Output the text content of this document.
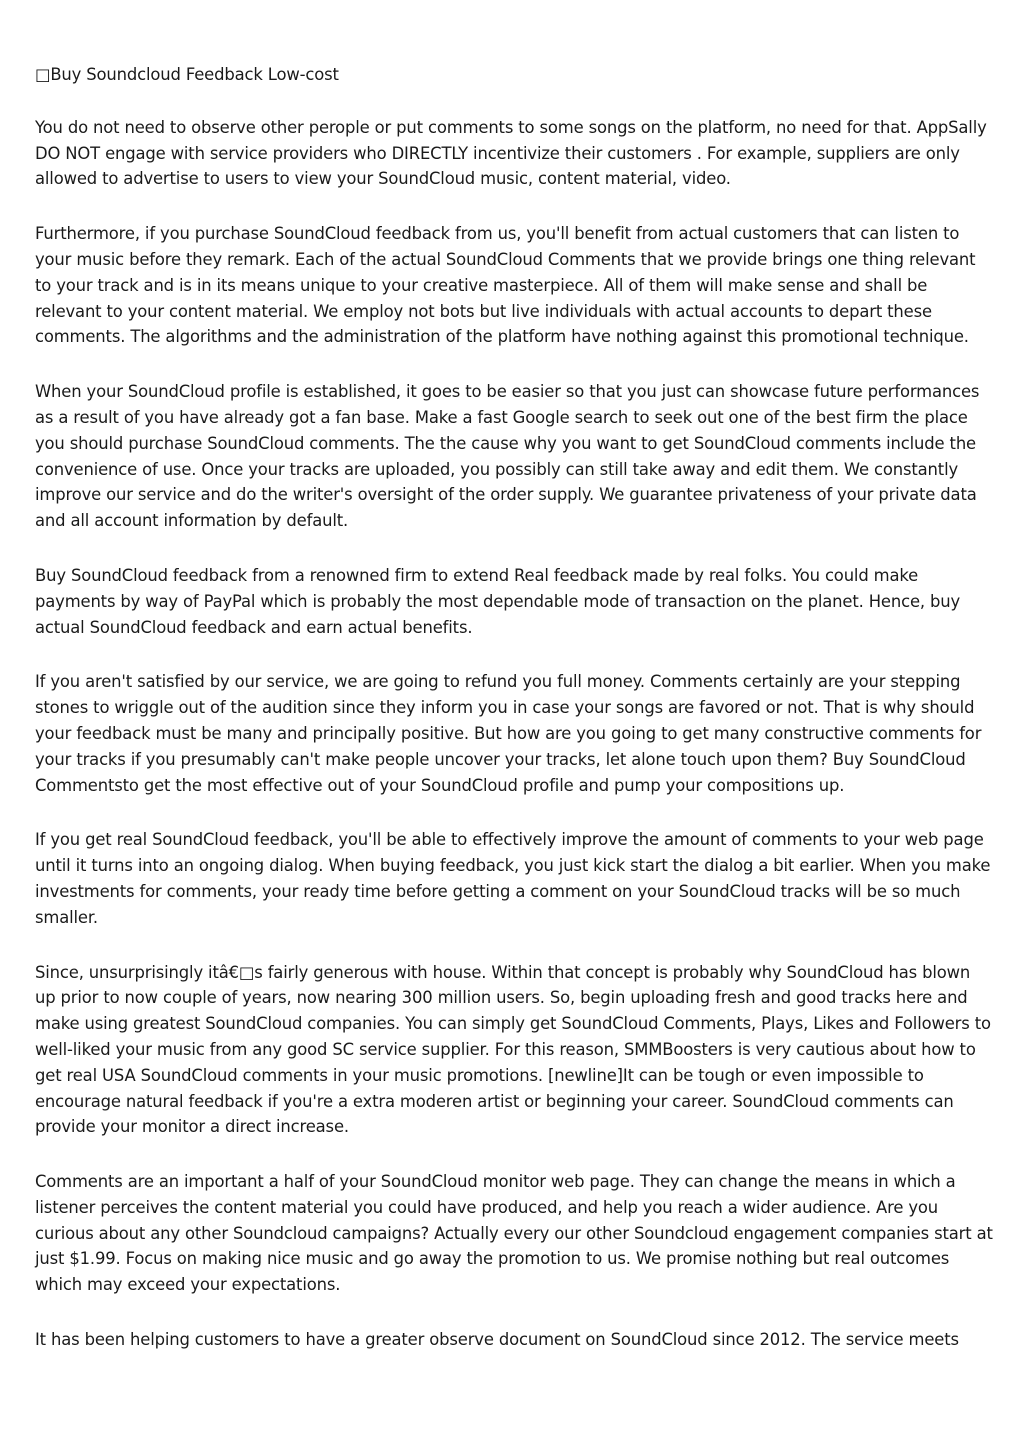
□Buy Soundcloud Feedback Low-cost

You do not need to observe other perople or put comments to some songs on the platform, no need for that. AppSally DO NOT engage with service providers who DIRECTLY incentivize their customers . For example, suppliers are only allowed to advertise to users to view your SoundCloud music, content material, video.

Furthermore, if you purchase SoundCloud feedback from us, you'll benefit from actual customers that can listen to your music before they remark. Each of the actual SoundCloud Comments that we provide brings one thing relevant to your track and is in its means unique to your creative masterpiece. All of them will make sense and shall be relevant to your content material. We employ not bots but live individuals with actual accounts to depart these comments. The algorithms and the administration of the platform have nothing against this promotional technique.

When your SoundCloud profile is established, it goes to be easier so that you just can showcase future performances as a result of you have already got a fan base. Make a fast Google search to seek out one of the best firm the place you should purchase SoundCloud comments. The the cause why you want to get SoundCloud comments include the convenience of use. Once your tracks are uploaded, you possibly can still take away and edit them. We constantly improve our service and do the writer's oversight of the order supply. We guarantee privateness of your private data and all account information by default.

Buy SoundCloud feedback from a renowned firm to extend Real feedback made by real folks. You could make payments by way of PayPal which is probably the most dependable mode of transaction on the planet. Hence, buy actual SoundCloud feedback and earn actual benefits.

If you aren't satisfied by our service, we are going to refund you full money. Comments certainly are your stepping stones to wriggle out of the audition since they inform you in case your songs are favored or not. That is why should your feedback must be many and principally positive. But how are you going to get many constructive comments for your tracks if you presumably can't make people uncover your tracks, let alone touch upon them? Buy SoundCloud Commentsto get the most effective out of your SoundCloud profile and pump your compositions up.

If you get real SoundCloud feedback, you'll be able to effectively improve the amount of comments to your web page until it turns into an ongoing dialog. When buying feedback, you just kick start the dialog a bit earlier. When you make investments for comments, your ready time before getting a comment on your SoundCloud tracks will be so much smaller.

Since, unsurprisingly itâ€□s fairly generous with house. Within that concept is probably why SoundCloud has blown up prior to now couple of years, now nearing 300 million users. So, begin uploading fresh and good tracks here and make using greatest SoundCloud companies. You can simply get SoundCloud Comments, Plays, Likes and Followers to well-liked your music from any good SC service supplier. For this reason, SMMBoosters is very cautious about how to get real USA SoundCloud comments in your music promotions. [newline]It can be tough or even impossible to encourage natural feedback if you're a extra moderen artist or beginning your career. SoundCloud comments can provide your monitor a direct increase.

Comments are an important a half of your SoundCloud monitor web page. They can change the means in which a listener perceives the content material you could have produced, and help you reach a wider audience. Are you curious about any other Soundcloud campaigns? Actually every our other Soundcloud engagement companies start at just $1.99. Focus on making nice music and go away the promotion to us. We promise nothing but real outcomes which may exceed your expectations.

It has been helping customers to have a greater observe document on SoundCloud since 2012. The service meets
